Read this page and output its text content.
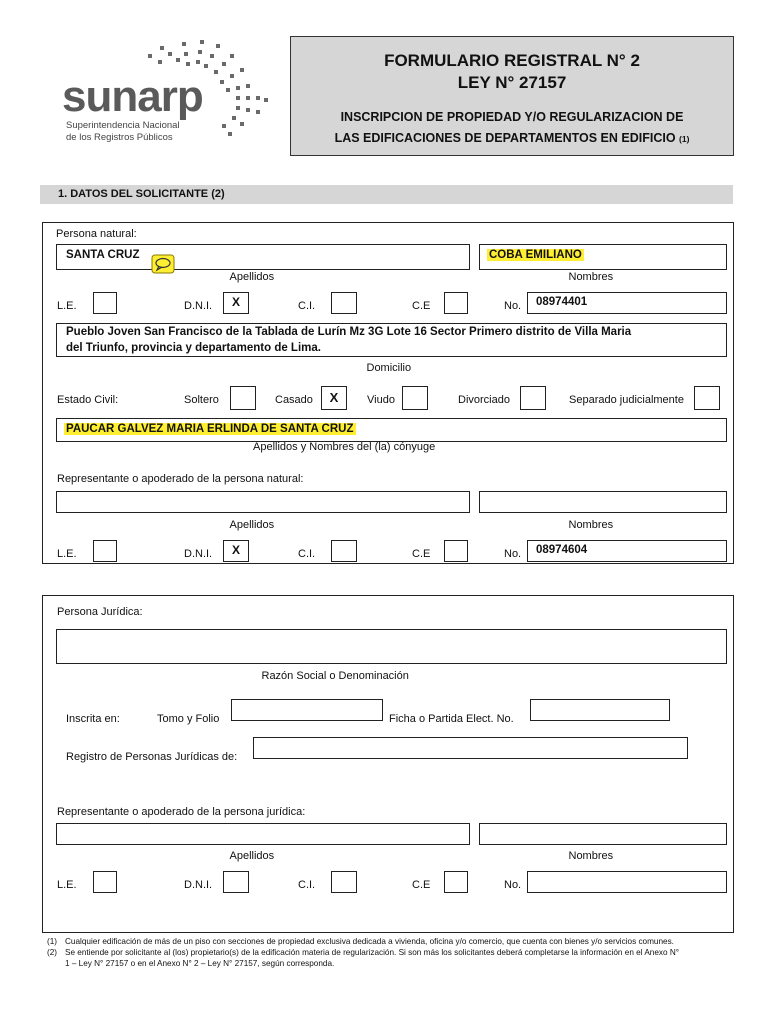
sunarp
Superintendencia Nacional
de los Registros Públicos
FORMULARIO REGISTRAL N° 2
LEY N° 27157
INSCRIPCION DE PROPIEDAD Y/O REGULARIZACION DE
LAS EDIFICACIONES DE DEPARTAMENTOS EN EDIFICIO (1)
1. DATOS DEL SOLICITANTE (2)
Persona natural:
SANTA CRUZ	COBA EMILIANO
Apellidos	Nombres
L.E.	D.N.I.	X	C.I.	C.E	No. 08974401
Pueblo Joven San Francisco de la Tablada de Lurín Mz 3G Lote 16 Sector Primero distrito de Villa Maria
del Triunfo, provincia y departamento de Lima.
Domicilio
Estado Civil:	Soltero	Casado	X	Viudo	Divorciado	Separado judicialmente
PAUCAR GALVEZ MARIA ERLINDA DE SANTA CRUZ
Apellidos y Nombres del (la) cónyuge
Representante o apoderado de la persona natural:
Apellidos	Nombres
L.E.	D.N.I.	X	C.I.	C.E	No. 08974604
Persona Jurídica:
Razón Social o Denominación
Inscrita en:	Tomo y Folio	Ficha o Partida Elect. No.
Registro de Personas Jurídicas de:
Representante o apoderado de la persona jurídica:
Apellidos	Nombres
L.E.	D.N.I.	C.I.	C.E	No.
(1) Cualquier edificación de más de un piso con secciones de propiedad exclusiva dedicada a vivienda, oficina y/o comercio, que cuenta con bienes y/o servicios comunes.
(2) Se entiende por solicitante al (los) propietario(s) de la edificación materia de regularización. Si son más los solicitantes deberá completarse la información en el Anexo N°
1 – Ley N° 27157 o en el Anexo N° 2 – Ley N° 27157, según corresponda.
